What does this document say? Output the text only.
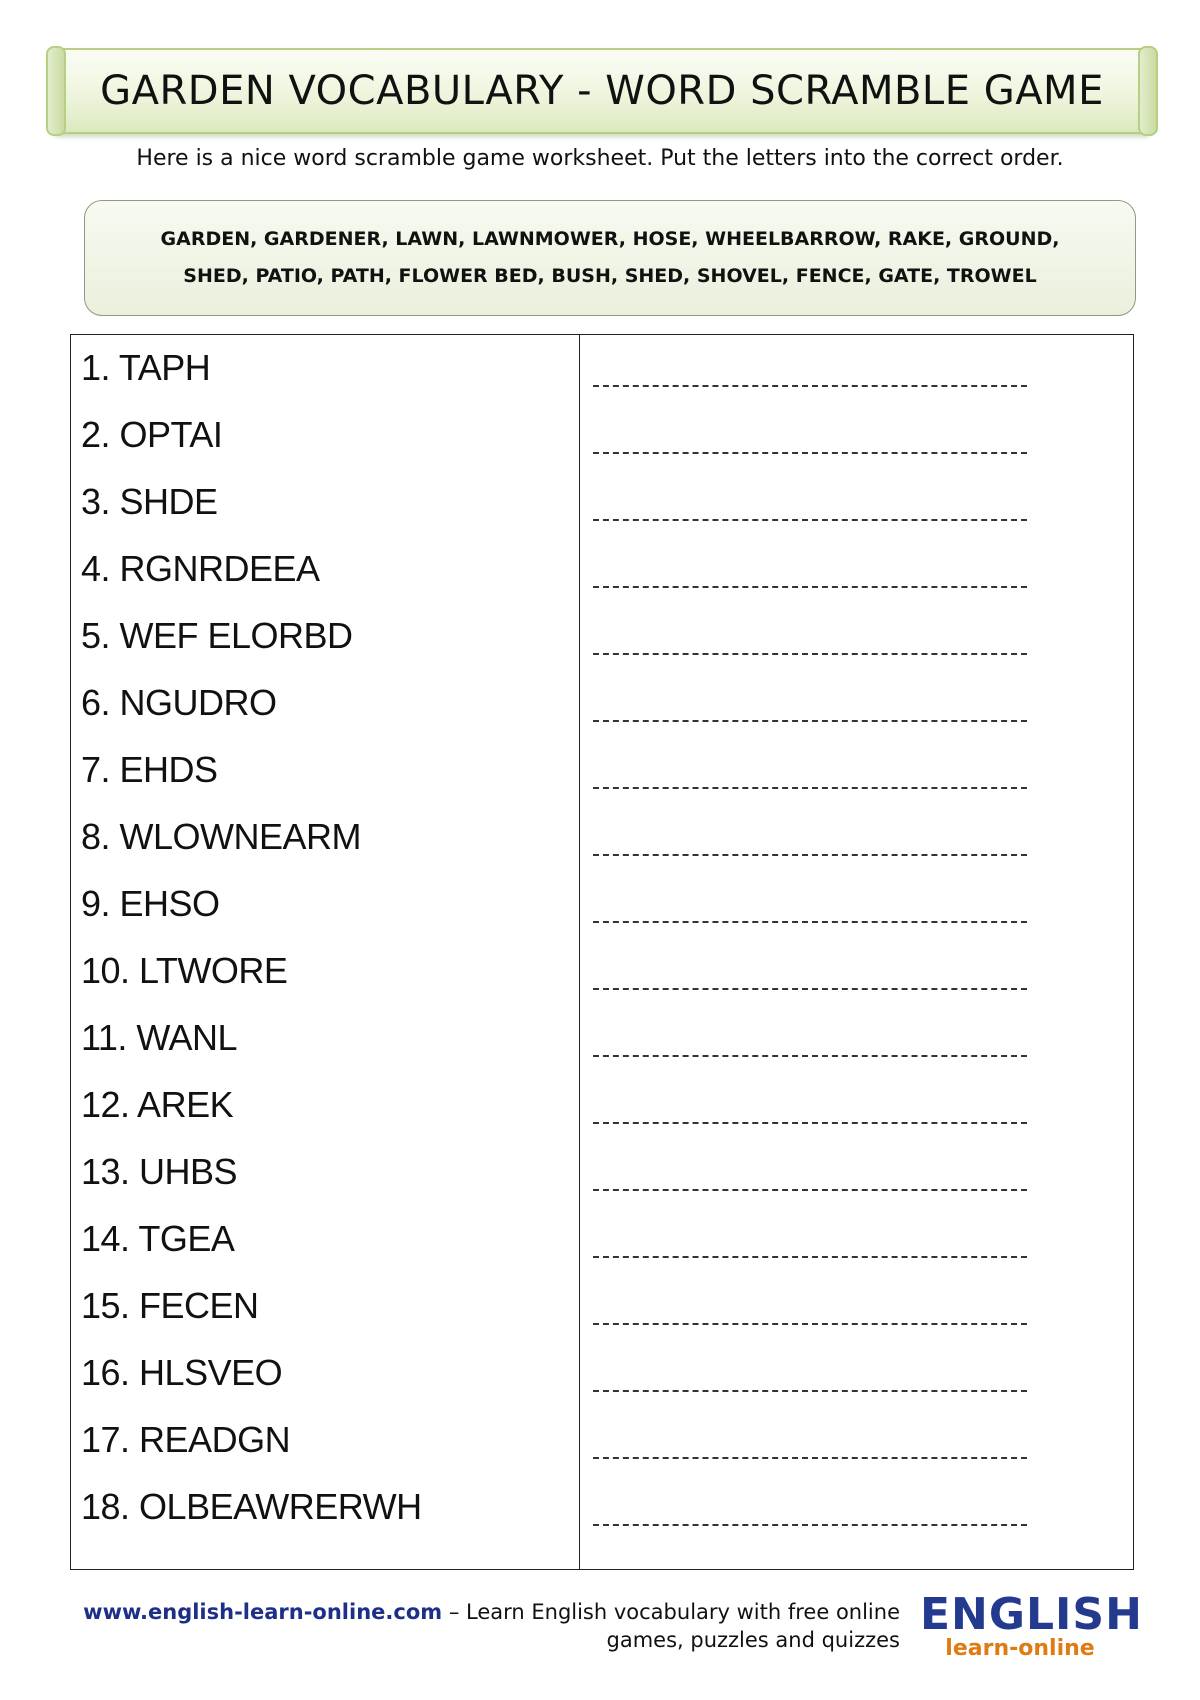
GARDEN VOCABULARY - WORD SCRAMBLE GAME
Here is a nice word scramble game worksheet. Put the letters into the correct order.
GARDEN, GARDENER, LAWN, LAWNMOWER, HOSE, WHEELBARROW, RAKE, GROUND,
SHED, PATIO, PATH, FLOWER BED, BUSH, SHED, SHOVEL, FENCE, GATE, TROWEL
1. TAPH
2. OPTAI
3. SHDE
4. RGNRDEEA
5. WEF ELORBD
6. NGUDRO
7. EHDS
8. WLOWNEARM
9. EHSO
10. LTWORE
11. WANL
12. AREK
13. UHBS
14. TGEA
15. FECEN
16. HLSVEO
17. READGN
18. OLBEAWRERWH
www.english-learn-online.com – Learn English vocabulary with free online
games, puzzles and quizzes ENGLISH
learn-online
